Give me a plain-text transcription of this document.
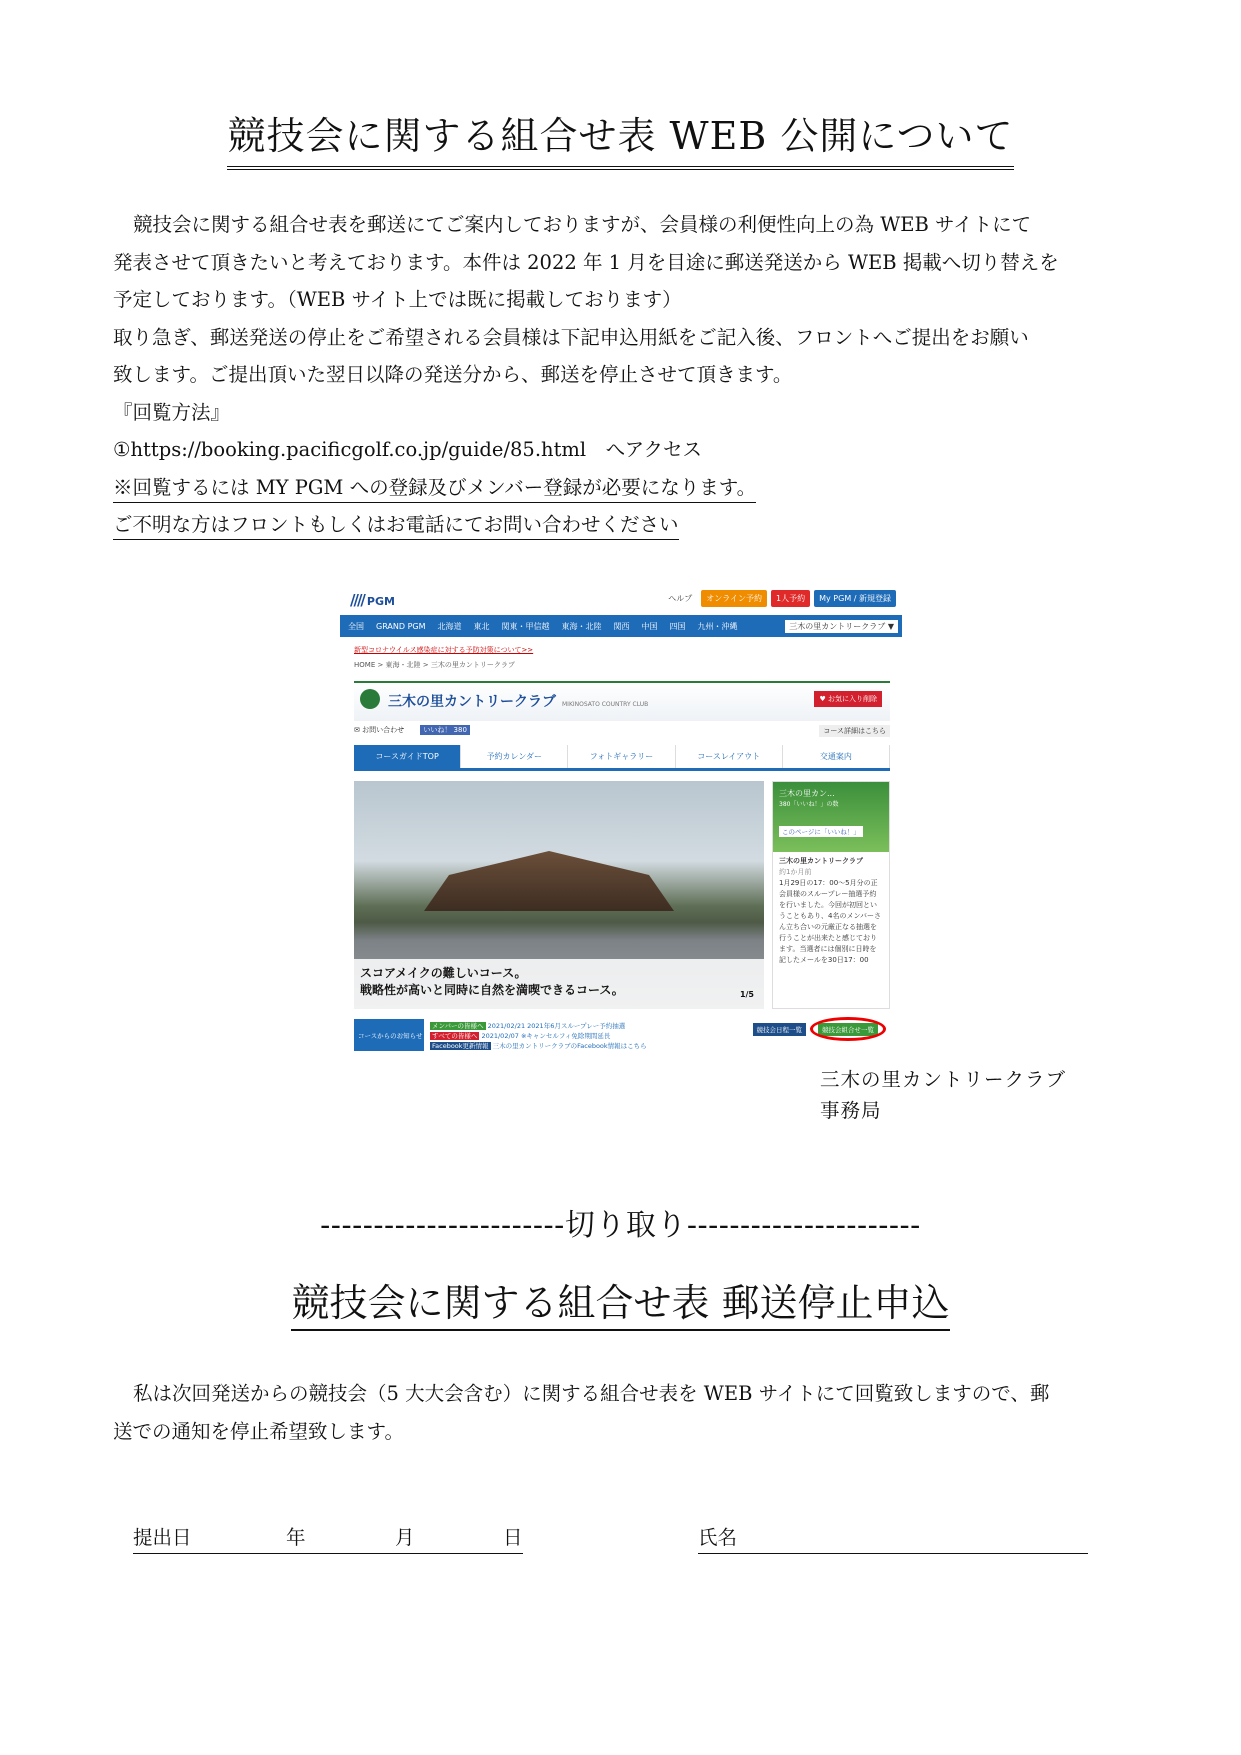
競技会に関する組合せ表 WEB 公開について

競技会に関する組合せ表を郵送にてご案内しておりますが、会員様の利便性向上の為 WEB サイトにて

発表させて頂きたいと考えております。本件は 2022 年 1 月を目途に郵送発送から WEB 掲載へ切り替えを

予定しております。（WEB サイト上では既に掲載しております）

取り急ぎ、郵送発送の停止をご希望される会員様は下記申込用紙をご記入後、フロントへご提出をお願い

致します。ご提出頂いた翌日以降の発送分から、郵送を停止させて頂きます。

『回覧方法』

①https://booking.pacificgolf.co.jp/guide/85.html　へアクセス

※回覧するには MY PGM への登録及びメンバー登録が必要になります。

ご不明な方はフロントもしくはお電話にてお問い合わせください

//// PGM	ヘルプ	オンライン予約	1人予約	My PGM / 新規登録
全国 GRAND PGM 北海道 東北 関東・甲信越 東海・北陸 関西 中国 四国 九州・沖縄	三木の里カントリークラブ ▼
新型コロナウイルス感染症に対する予防対策について>>
HOME > 東海・北陸 > 三木の里カントリークラブ
三木の里カントリークラブ MIKINOSATO COUNTRY CLUB
♥ お気に入り削除
✉ お問い合わせ	いいね！ 380	コース詳細はこちら
コースガイドTOP	予約カレンダー	フォトギャラリー	コースレイアウト	交通案内
スコアメイクの難しいコース。
戦略性が高いと同時に自然を満喫できるコース。	1/5
三木の里カン...
380「いいね！」の数
このページに「いいね！」
三木の里カントリークラブ
約1か月前
1月29日の17：00〜5月分の正会員様のスループレー抽選予約を行いました。今回が初回ということもあり、4名のメンバーさん立ち合いの元厳正なる抽選を行うことが出来たと感じております。当選者には個別に日時を記したメールを30日17：00
コースからのお知らせ
メンバーの皆様へ 2021/02/21 2021年6月スループレー予約抽選
すべての皆様へ 2021/02/07 ※キャンセルフィ免除期間延長
Facebook更新情報 三木の里カントリークラブのFacebook情報はこちら
競技会日程一覧	競技会組合せ一覧
三木の里カントリークラブ
事務局
-----------------------切り取り----------------------
競技会に関する組合せ表 郵送停止申込

私は次回発送からの競技会（5 大大会含む）に関する組合せ表を WEB サイトにて回覧致しますので、郵

送での通知を停止希望致します。

提出日	年	月	日	氏名
